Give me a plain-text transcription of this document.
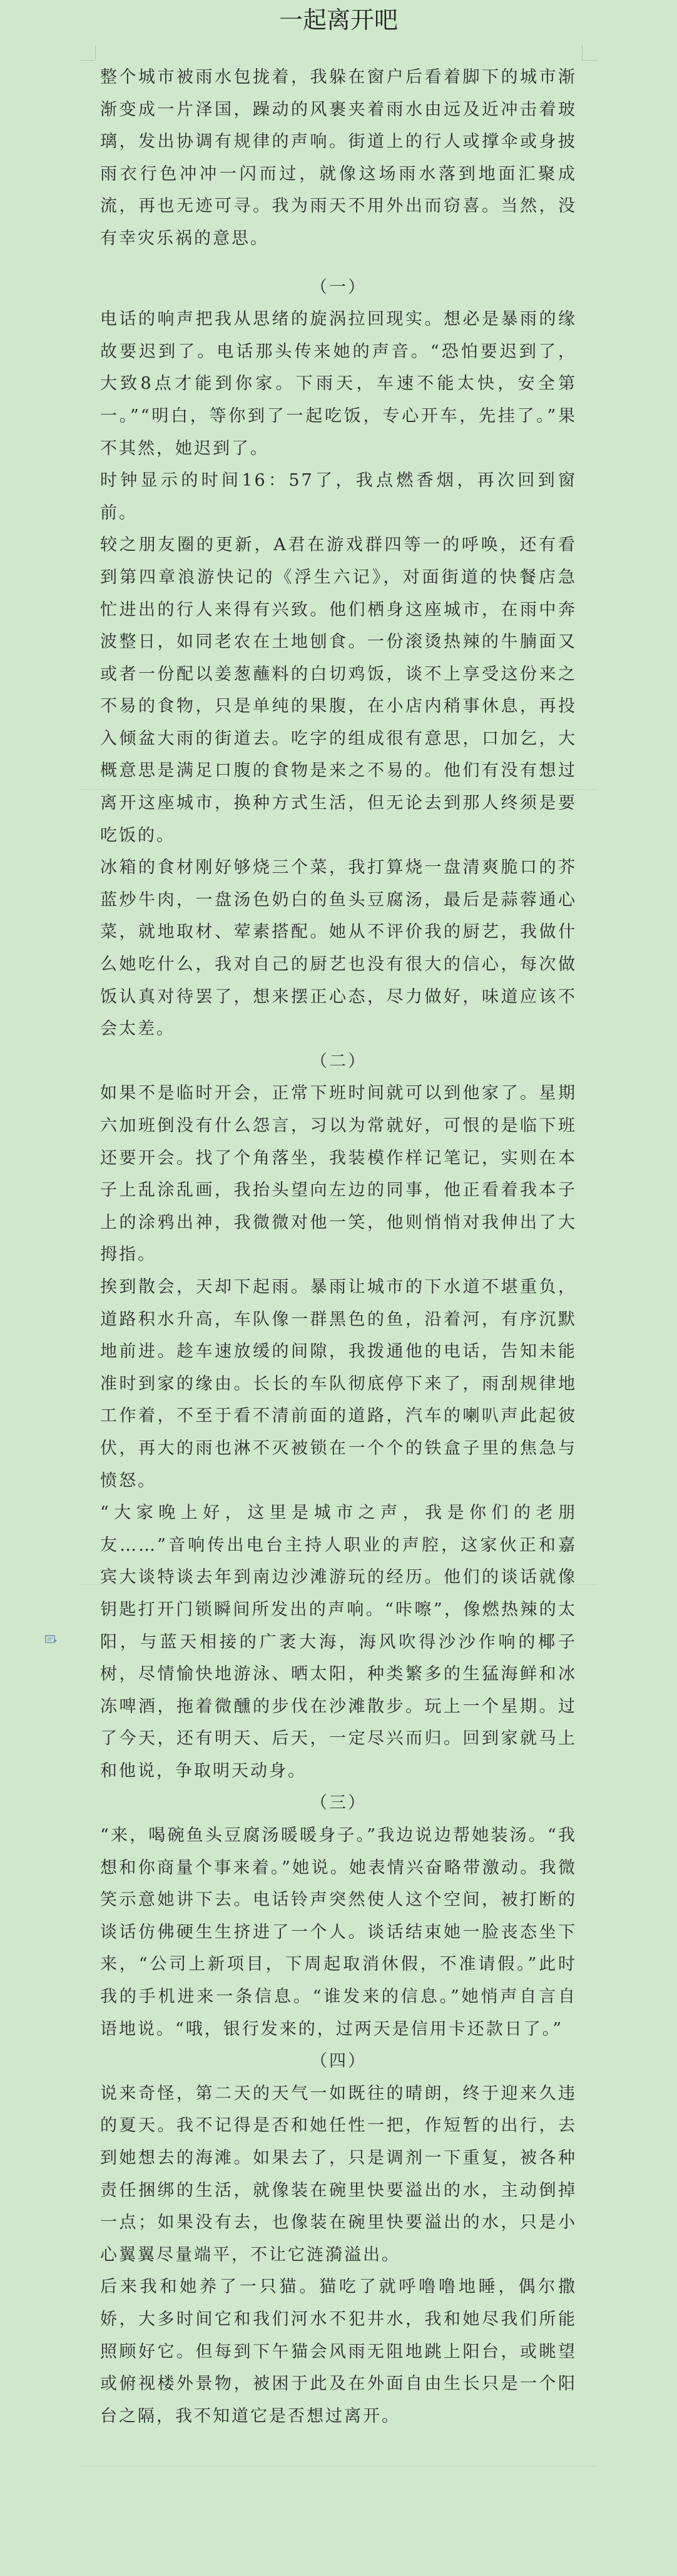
一起离开吧

整个城市被雨水包拢着，我躲在窗户后看着脚下的城市渐渐变成一片泽国，躁动的风裹夹着雨水由远及近冲击着玻璃，发出协调有规律的声响。街道上的行人或撑伞或身披雨衣行色冲冲一闪而过，就像这场雨水落到地面汇聚成流，再也无迹可寻。我为雨天不用外出而窃喜。当然，没有幸灾乐祸的意思。

（一）

电话的响声把我从思绪的旋涡拉回现实。想必是暴雨的缘故要迟到了。电话那头传来她的声音。“恐怕要迟到了，大致8点才能到你家。下雨天，车速不能太快，安全第一。”“明白，等你到了一起吃饭，专心开车，先挂了。”果不其然，她迟到了。

时钟显示的时间16：57了，我点燃香烟，再次回到窗前。

较之朋友圈的更新，A君在游戏群四等一的呼唤，还有看到第四章浪游快记的《浮生六记》，对面街道的快餐店急忙进出的行人来得有兴致。他们栖身这座城市，在雨中奔波整日，如同老农在土地刨食。一份滚烫热辣的牛腩面又或者一份配以姜葱蘸料的白切鸡饭，谈不上享受这份来之不易的食物，只是单纯的果腹，在小店内稍事休息，再投入倾盆大雨的街道去。吃字的组成很有意思，口加乞，大概意思是满足口腹的食物是来之不易的。他们有没有想过离开这座城市，换种方式生活，但无论去到那人终须是要吃饭的。

冰箱的食材刚好够烧三个菜，我打算烧一盘清爽脆口的芥蓝炒牛肉，一盘汤色奶白的鱼头豆腐汤，最后是蒜蓉通心菜，就地取材、荤素搭配。她从不评价我的厨艺，我做什么她吃什么，我对自己的厨艺也没有很大的信心，每次做饭认真对待罢了，想来摆正心态，尽力做好，味道应该不会太差。

（二）

如果不是临时开会，正常下班时间就可以到他家了。星期六加班倒没有什么怨言，习以为常就好，可恨的是临下班还要开会。找了个角落坐，我装模作样记笔记，实则在本子上乱涂乱画，我抬头望向左边的同事，他正看着我本子上的涂鸦出神，我微微对他一笑，他则悄悄对我伸出了大拇指。

挨到散会，天却下起雨。暴雨让城市的下水道不堪重负，道路积水升高，车队像一群黑色的鱼，沿着河，有序沉默地前进。趁车速放缓的间隙，我拨通他的电话，告知未能准时到家的缘由。长长的车队彻底停下来了，雨刮规律地工作着，不至于看不清前面的道路，汽车的喇叭声此起彼伏，再大的雨也淋不灭被锁在一个个的铁盒子里的焦急与愤怒。

“大家晚上好，这里是城市之声，我是你们的老朋友……”音响传出电台主持人职业的声腔，这家伙正和嘉宾大谈特谈去年到南边沙滩游玩的经历。他们的谈话就像钥匙打开门锁瞬间所发出的声响。“咔嚓”，像燃热辣的太阳，与蓝天相接的广袤大海，海风吹得沙沙作响的椰子树，尽情愉快地游泳、晒太阳，种类繁多的生猛海鲜和冰冻啤酒，拖着微醺的步伐在沙滩散步。玩上一个星期。过了今天，还有明天、后天，一定尽兴而归。回到家就马上和他说，争取明天动身。

（三）

“来，喝碗鱼头豆腐汤暖暖身子。”我边说边帮她装汤。“我想和你商量个事来着。”她说。她表情兴奋略带激动。我微笑示意她讲下去。电话铃声突然使人这个空间，被打断的谈话仿佛硬生生挤进了一个人。谈话结束她一脸丧态坐下来，“公司上新项目，下周起取消休假，不准请假。”此时我的手机进来一条信息。“谁发来的信息。”她悄声自言自语地说。“哦，银行发来的，过两天是信用卡还款日了。”

（四）

说来奇怪，第二天的天气一如既往的晴朗，终于迎来久违的夏天。我不记得是否和她任性一把，作短暂的出行，去到她想去的海滩。如果去了，只是调剂一下重复，被各种责任捆绑的生活，就像装在碗里快要溢出的水，主动倒掉一点；如果没有去，也像装在碗里快要溢出的水，只是小心翼翼尽量端平，不让它涟漪溢出。

后来我和她养了一只猫。猫吃了就呼噜噜地睡，偶尔撒娇，大多时间它和我们河水不犯井水，我和她尽我们所能照顾好它。但每到下午猫会风雨无阻地跳上阳台，或眺望或俯视楼外景物，被困于此及在外面自由生长只是一个阳台之隔，我不知道它是否想过离开。
